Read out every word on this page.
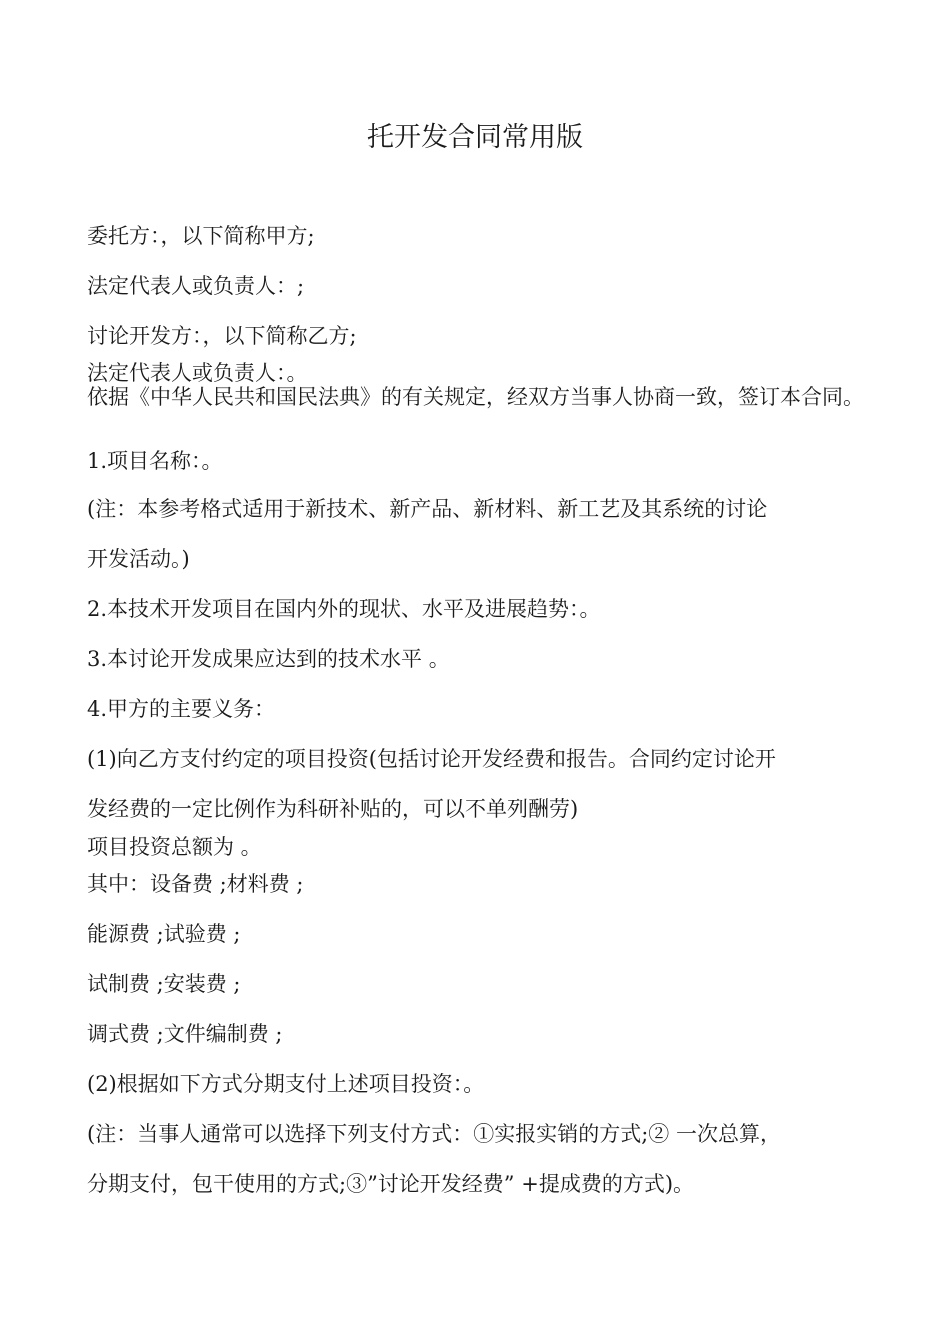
托开发合同常用版

委托方：，以下简称甲方;

法定代表人或负责人：;

讨论开发方：，以下简称乙方;

法定代表人或负责人：。

依据《中华人民共和国民法典》的有关规定，经双方当事人协商一致，签订本合同。

1.项目名称：。

(注：本参考格式适用于新技术、新产品、新材料、新工艺及其系统的讨论

开发活动。)

2.本技术开发项目在国内外的现状、水平及进展趋势：。

3.本讨论开发成果应达到的技术水平 。

4.甲方的主要义务：

(1)向乙方支付约定的项目投资(包括讨论开发经费和报告。合同约定讨论开

发经费的一定比例作为科研补贴的，可以不单列酬劳)

项目投资总额为 。

其中：设备费 ;材料费 ;

能源费 ;试验费 ;

试制费 ;安装费 ;

调式费 ;文件编制费 ;

(2)根据如下方式分期支付上述项目投资：。

(注：当事人通常可以选择下列支付方式：①实报实销的方式;② 一次总算，

分期支付，包干使用的方式;③”讨论开发经费” +提成费的方式)。
